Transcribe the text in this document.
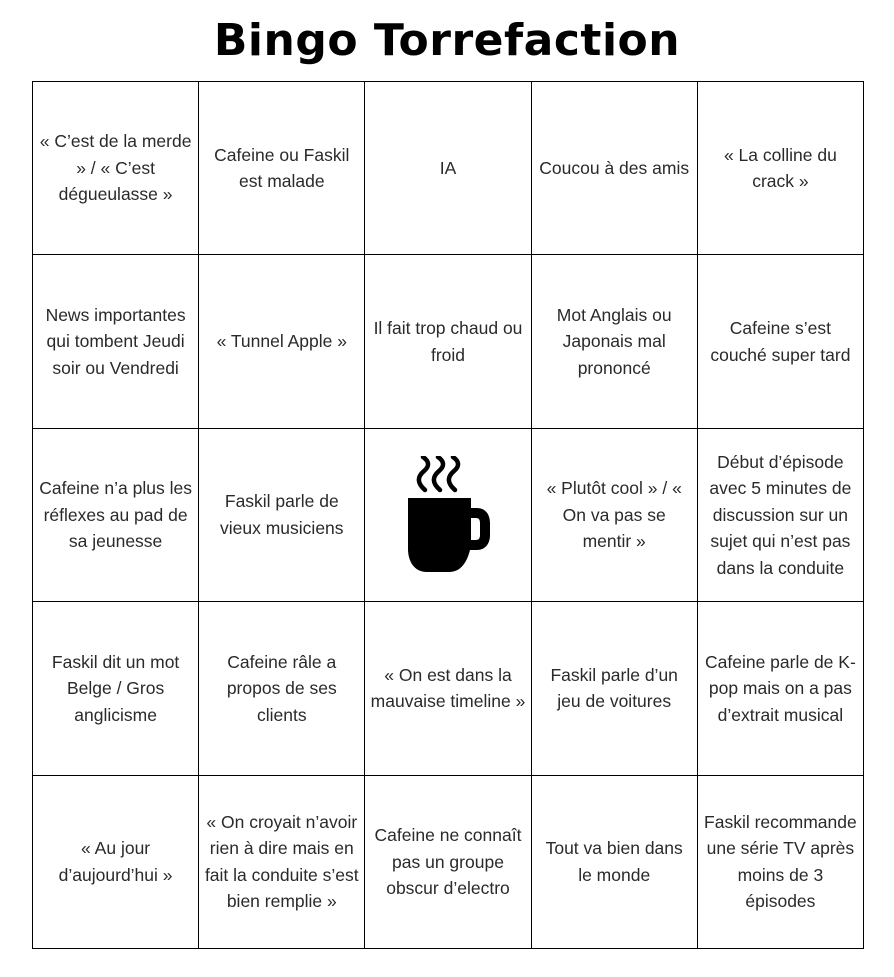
Bingo Torrefaction
« C’est de la merde » / « C’est dégueulasse »
Cafeine ou Faskil est malade
IA	Coucou à des amis
« La colline du crack »
News importantes qui tombent Jeudi soir ou Vendredi
« Tunnel Apple »
Il fait trop chaud ou froid
Mot Anglais ou Japonais mal prononcé
Cafeine s’est couché super tard
Cafeine n’a plus les réflexes au pad de sa jeunesse
Faskil parle de vieux musiciens
« Plutôt cool » / « On va pas se mentir »
Début d’épisode avec 5 minutes de discussion sur un sujet qui n’est pas dans la conduite
Faskil dit un mot Belge / Gros anglicisme
Cafeine râle a propos de ses clients
« On est dans la mauvaise timeline »
Faskil parle d’un jeu de voitures
Cafeine parle de K-pop mais on a pas d’extrait musical
« Au jour d’aujourd’hui »
« On croyait n’avoir rien à dire mais en fait la conduite s’est bien remplie »
Cafeine ne connaît pas un groupe obscur d’electro
Tout va bien dans le monde
Faskil recommande une série TV après moins de 3 épisodes
